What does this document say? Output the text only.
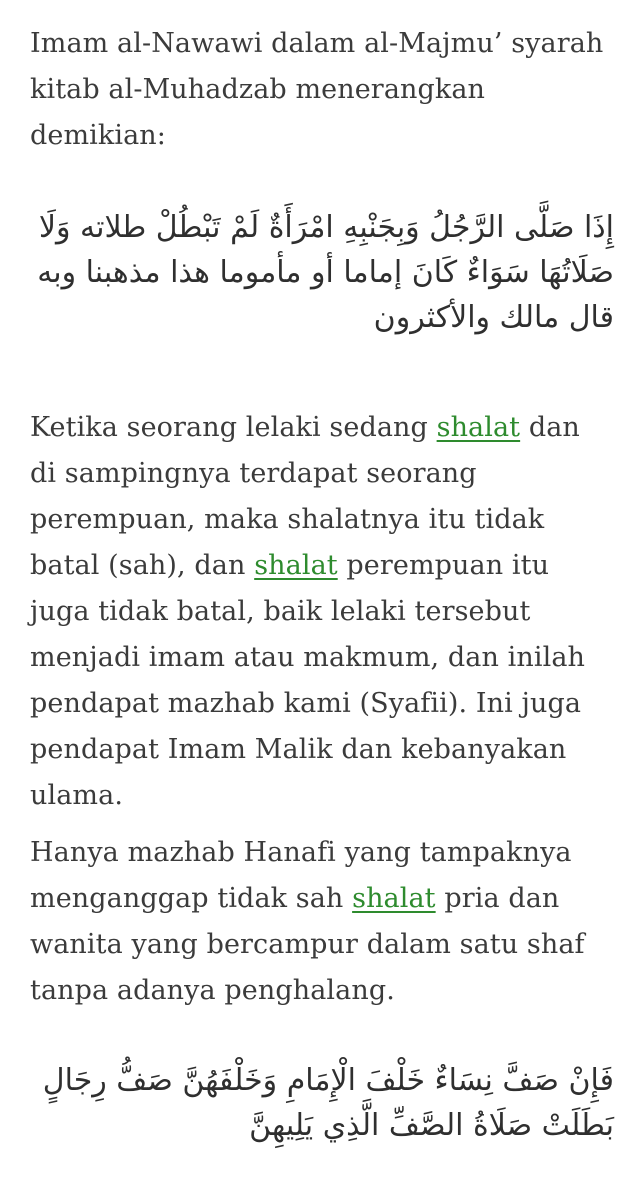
Imam al-Nawawi dalam al-Majmu’ syarah kitab al-Muhadzab menerangkan demikian:

إِذَا صَلَّى الرَّجُلُ وَبِجَنْبِهِ امْرَأَةٌ لَمْ تَبْطُلْ طلاته وَلَا صَلَاتُهَا سَوَاءٌ كَانَ إماما أو مأموما هذا مذهبنا وبه قال مالك والأكثرون

Ketika seorang lelaki sedang shalat dan di sampingnya terdapat seorang perempuan, maka shalatnya itu tidak batal (sah), dan shalat perempuan itu juga tidak batal, baik lelaki tersebut menjadi imam atau makmum, dan inilah pendapat mazhab kami (Syafii). Ini juga pendapat Imam Malik dan kebanyakan ulama.

Hanya mazhab Hanafi yang tampaknya menganggap tidak sah shalat pria dan wanita yang bercampur dalam satu shaf tanpa adanya penghalang.

فَإِنْ صَفَّ نِسَاءٌ خَلْفَ الْإِمَامِ وَخَلْفَهُنَّ صَفُّ رِجَالٍ بَطَلَتْ صَلَاةُ الصَّفِّ الَّذِي يَلِيهِنَّ
